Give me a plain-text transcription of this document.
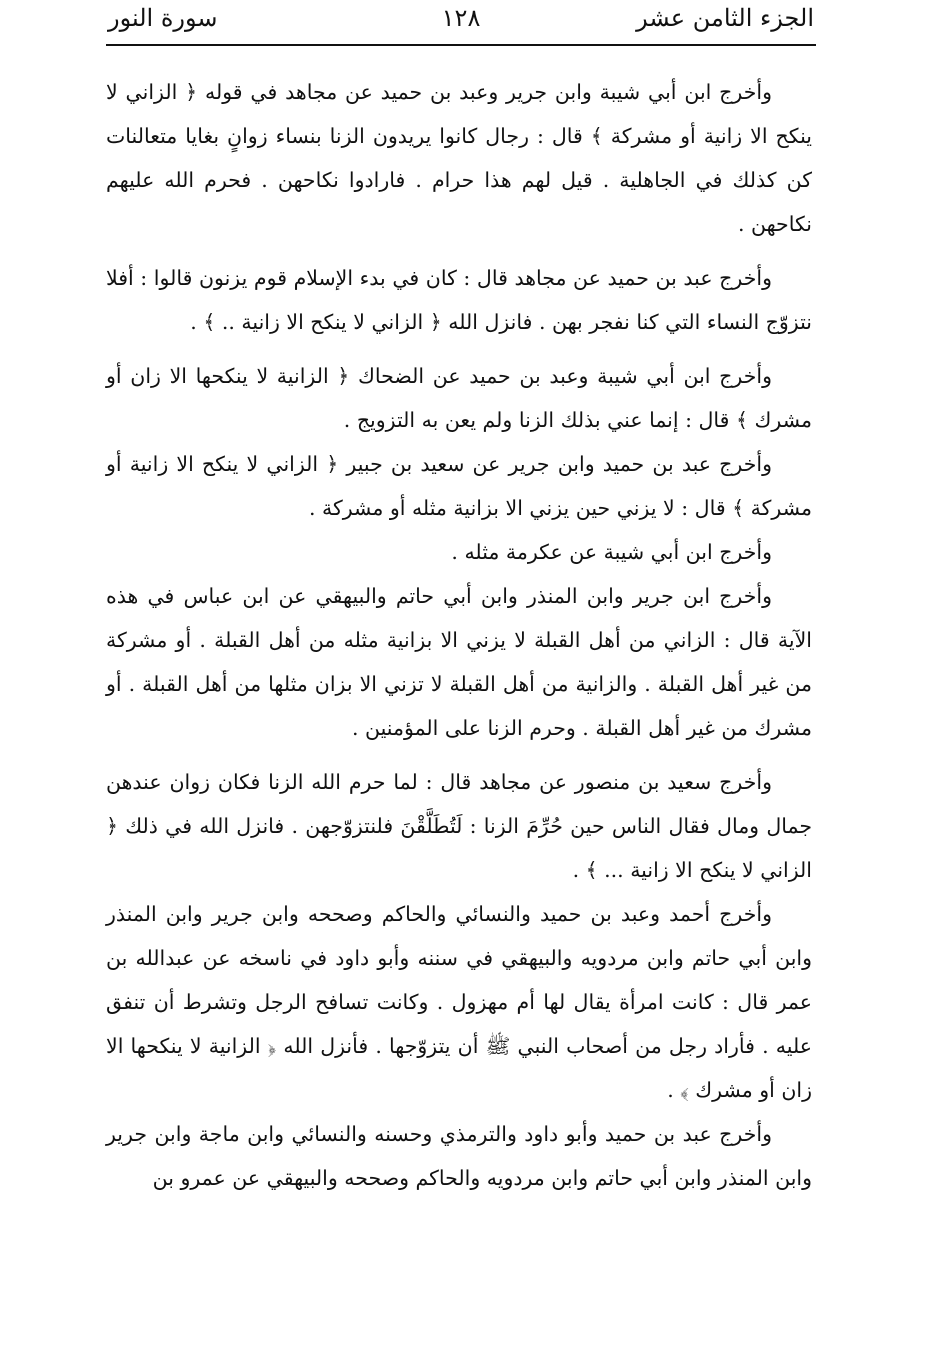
الجزء الثامن عشر
١٢٨
سورة النور

وأخرج ابن أبي شيبة وابن جرير وعبد بن حميد عن مجاهد في قوله ﴿ الزاني لا ينكح الا زانية أو مشركة ﴾ قال : رجال كانوا يريدون الزنا بنساء زوانٍ بغايا متعالنات كن كذلك في الجاهلية . قيل لهم هذا حرام . فارادوا نكاحهن . فحرم الله عليهم نكاحهن .

وأخرج عبد بن حميد عن مجاهد قال : كان في بدء الإسلام قوم يزنون قالوا : أفلا نتزوّج النساء التي كنا نفجر بهن . فانزل الله ﴿ الزاني لا ينكح الا زانية .. ﴾ .

وأخرج ابن أبي شيبة وعبد بن حميد عن الضحاك ﴿ الزانية لا ينكحها الا زان أو مشرك ﴾ قال : إنما عني بذلك الزنا ولم يعن به التزويج .

وأخرج عبد بن حميد وابن جرير عن سعيد بن جبير ﴿ الزاني لا ينكح الا زانية أو مشركة ﴾ قال : لا يزني حين يزني الا بزانية مثله أو مشركة .

وأخرج ابن أبي شيبة عن عكرمة مثله .

وأخرج ابن جرير وابن المنذر وابن أبي حاتم والبيهقي عن ابن عباس في هذه الآية قال : الزاني من أهل القبلة لا يزني الا بزانية مثله من أهل القبلة . أو مشركة من غير أهل القبلة . والزانية من أهل القبلة لا تزني الا بزان مثلها من أهل القبلة . أو مشرك من غير أهل القبلة . وحرم الزنا على المؤمنين .

وأخرج سعيد بن منصور عن مجاهد قال : لما حرم الله الزنا فكان زوان عندهن جمال ومال فقال الناس حين حُرِّمَ الزنا : لَتُطَلَّقْنَ فلنتزوّجهن . فانزل الله في ذلك ﴿ الزاني لا ينكح الا زانية ... ﴾ .

وأخرج أحمد وعبد بن حميد والنسائي والحاكم وصححه وابن جرير وابن المنذر وابن أبي حاتم وابن مردويه والبيهقي في سننه وأبو داود في ناسخه عن عبدالله بن عمر قال : كانت امرأة يقال لها أم مهزول . وكانت تسافح الرجل وتشرط أن تنفق عليه . فأراد رجل من أصحاب النبي ﷺ أن يتزوّجها . فأنزل الله ﴿ الزانية لا ينكحها الا زان أو مشرك ﴾ .

وأخرج عبد بن حميد وأبو داود والترمذي وحسنه والنسائي وابن ماجة وابن جرير وابن المنذر وابن أبي حاتم وابن مردويه والحاكم وصححه والبيهقي عن عمرو بن
